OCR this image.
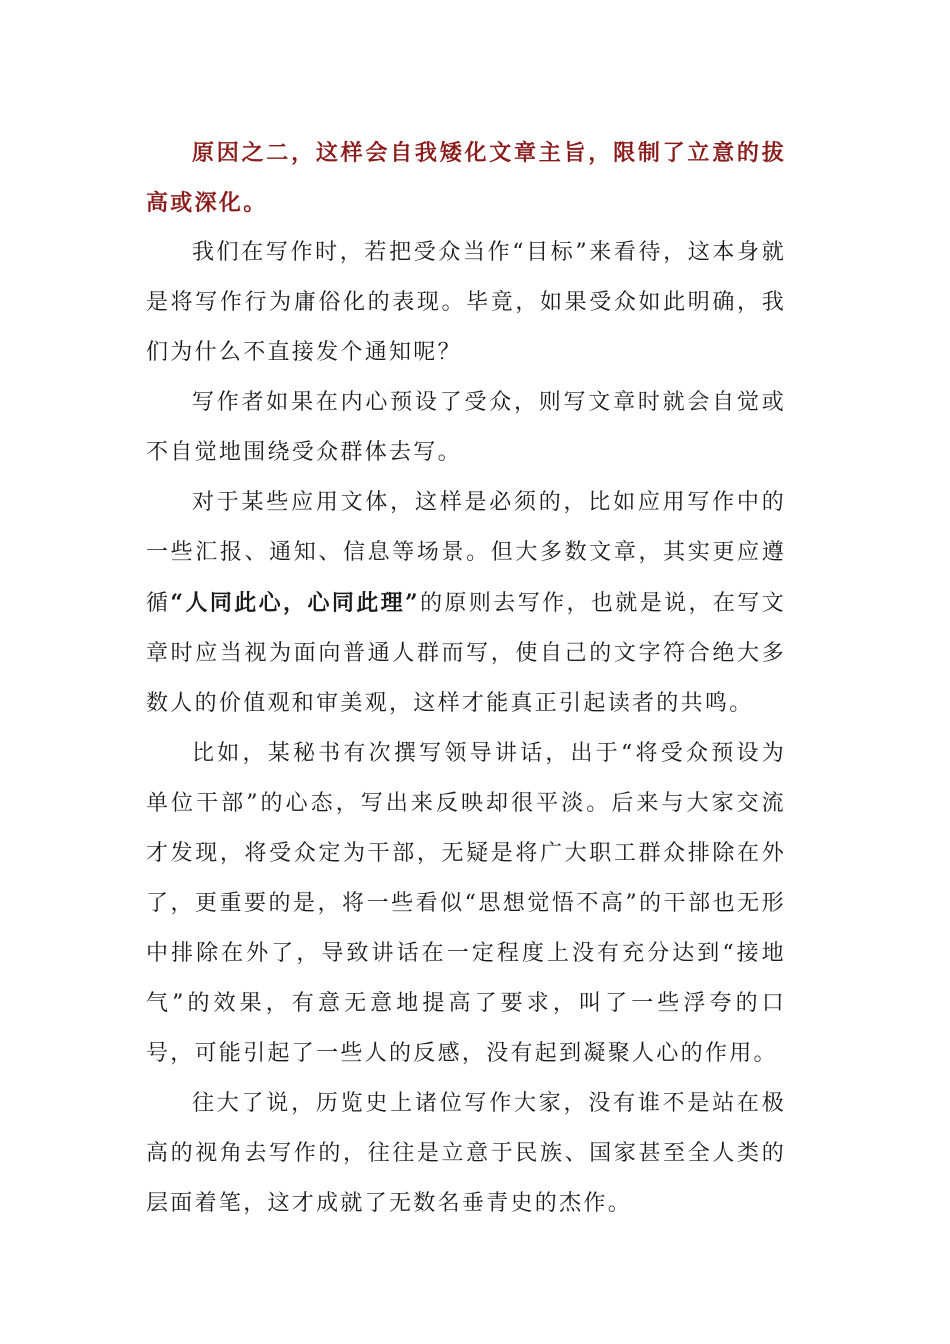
原因之二，这样会自我矮化文章主旨，限制了立意的拔高或深化。

我们在写作时，若把受众当作“目标”来看待，这本身就是将写作行为庸俗化的表现。毕竟，如果受众如此明确，我们为什么不直接发个通知呢？

写作者如果在内心预设了受众，则写文章时就会自觉或不自觉地围绕受众群体去写。

对于某些应用文体，这样是必须的，比如应用写作中的一些汇报、通知、信息等场景。但大多数文章，其实更应遵循“人同此心，心同此理”的原则去写作，也就是说，在写文章时应当视为面向普通人群而写，使自己的文字符合绝大多数人的价值观和审美观，这样才能真正引起读者的共鸣。

比如，某秘书有次撰写领导讲话，出于“将受众预设为单位干部”的心态，写出来反映却很平淡。后来与大家交流才发现，将受众定为干部，无疑是将广大职工群众排除在外了，更重要的是，将一些看似“思想觉悟不高”的干部也无形中排除在外了，导致讲话在一定程度上没有充分达到“接地气”的效果，有意无意地提高了要求，叫了一些浮夸的口号，可能引起了一些人的反感，没有起到凝聚人心的作用。

往大了说，历览史上诸位写作大家，没有谁不是站在极高的视角去写作的，往往是立意于民族、国家甚至全人类的层面着笔，这才成就了无数名垂青史的杰作。
